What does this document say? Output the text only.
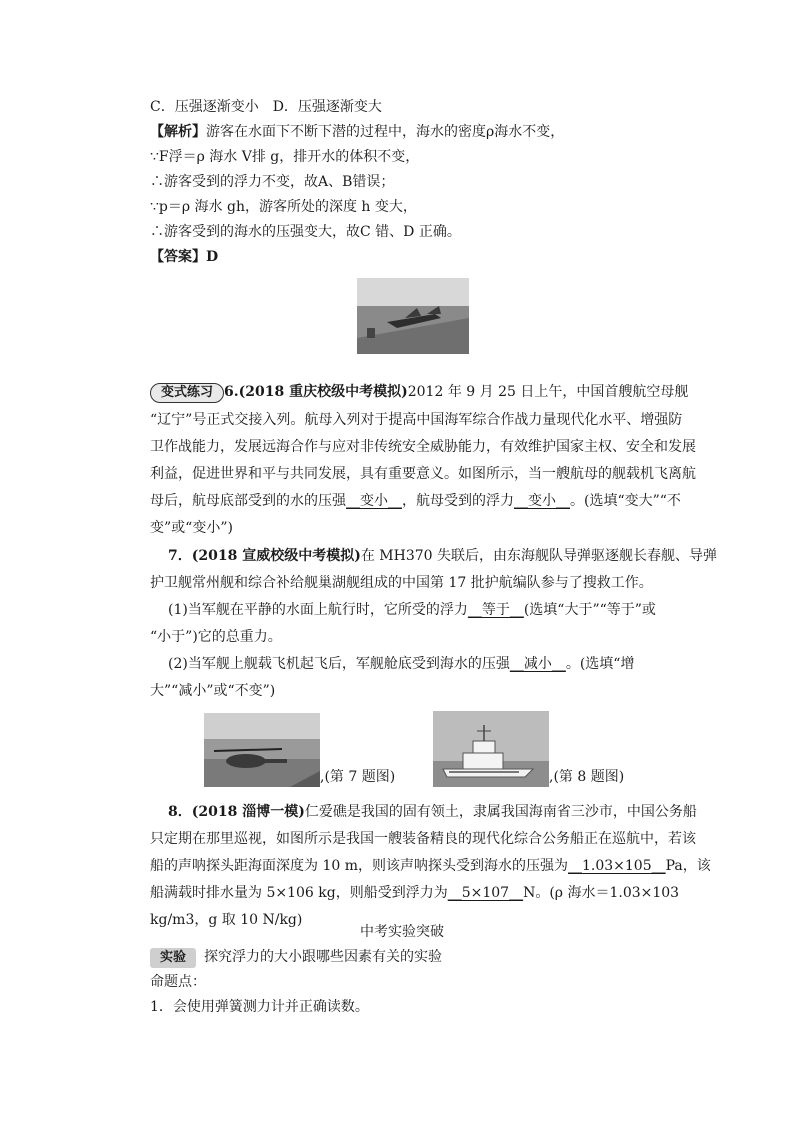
C．压强逐渐变小　D．压强逐渐变大
【解析】游客在水面下不断下潜的过程中，海水的密度ρ海水不变，
∵F浮＝ρ 海水 V排 g，排开水的体积不变，
∴游客受到的浮力不变，故A、B错误；
∵p＝ρ 海水 gh，游客所处的深度 h 变大，
∴游客受到的海水的压强变大，故C 错、D 正确。
【答案】D
变式练习 6.(2018 重庆校级中考模拟)2012 年 9 月 25 日上午，中国首艘航空母舰
“辽宁”号正式交接入列。航母入列对于提高中国海军综合作战力量现代化水平、增强防
卫作战能力，发展远海合作与应对非传统安全威胁能力，有效维护国家主权、安全和发展
利益，促进世界和平与共同发展，具有重要意义。如图所示，当一艘航母的舰载机飞离航
母后，航母底部受到的水的压强__变小__，航母受到的浮力__变小__。(选填“变大”“不
变”或“变小”)
7．(2018 宣威校级中考模拟)在 MH370 失联后，由东海舰队导弹驱逐舰长春舰、导弹
护卫舰常州舰和综合补给舰巢湖舰组成的中国第 17 批护航编队参与了搜救工作。
(1)当军舰在平静的水面上航行时，它所受的浮力__等于__(选填“大于”“等于”或
“小于”)它的总重力。
(2)当军舰上舰载飞机起飞后，军舰舱底受到海水的压强__减小__。(选填“增
大”“减小”或“不变”)
,(第 7 题图)	,(第 8 题图)
8．(2018 淄博一模)仁爱礁是我国的固有领土，隶属我国海南省三沙市，中国公务船
只定期在那里巡视，如图所示是我国一艘装备精良的现代化综合公务船正在巡航中，若该
船的声呐探头距海面深度为 10 m，则该声呐探头受到海水的压强为__1.03×105__Pa，该
船满载时排水量为 5×106 kg，则船受到浮力为__5×107__N。(ρ 海水＝1.03×103
kg/m3，g 取 10 N/kg)
中考实验突破
实验 探究浮力的大小跟哪些因素有关的实验
命题点：
1．会使用弹簧测力计并正确读数。
